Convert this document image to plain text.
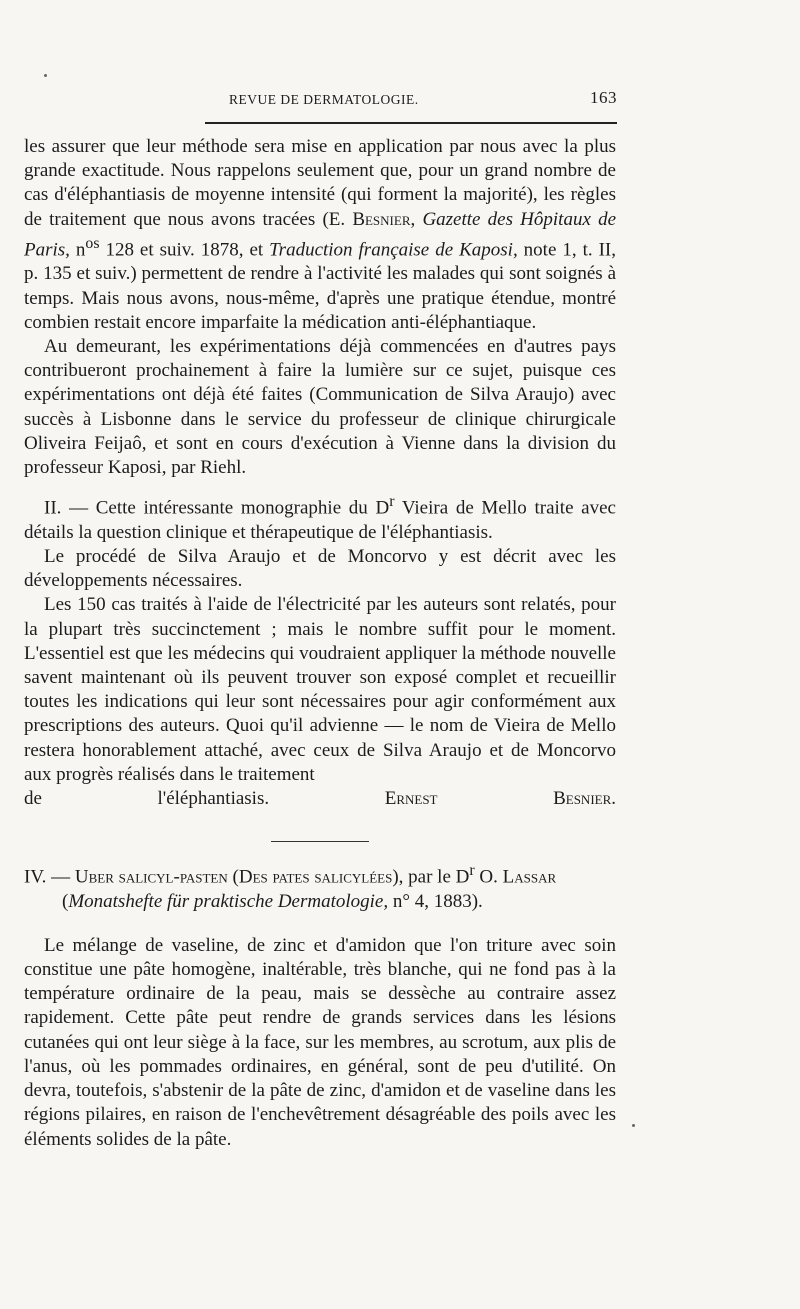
REVUE DE DERMATOLOGIE.	163

les assurer que leur méthode sera mise en application par nous avec la plus grande exactitude. Nous rappelons seulement que, pour un grand nombre de cas d'éléphantiasis de moyenne intensité (qui forment la majorité), les règles de traitement que nous avons tracées (E. Besnier, Gazette des Hôpitaux de Paris, $n^{os}$ 128 et suiv. 1878, et Traduction française de Kaposi, note 1, t. II, p. 135 et suiv.) permettent de rendre à l'activité les malades qui sont soignés à temps. Mais nous avons, nous-même, d'après une pratique étendue, montré combien restait encore imparfaite la médication anti-éléphantiaque.

Au demeurant, les expérimentations déjà commencées en d'autres pays contribueront prochainement à faire la lumière sur ce sujet, puisque ces expérimentations ont déjà été faites (Communication de Silva Araujo) avec succès à Lisbonne dans le service du professeur de clinique chirurgicale Oliveira Feijaô, et sont en cours d'exécution à Vienne dans la division du professeur Kaposi, par Riehl.

II. — Cette intéressante monographie du $D^r$ Vieira de Mello traite avec détails la question clinique et thérapeutique de l'éléphantiasis.

Le procédé de Silva Araujo et de Moncorvo y est décrit avec les développements nécessaires.

Les 150 cas traités à l'aide de l'électricité par les auteurs sont relatés, pour la plupart très succinctement ; mais le nombre suffit pour le moment. L'essentiel est que les médecins qui voudraient appliquer la méthode nouvelle savent maintenant où ils peuvent trouver son exposé complet et recueillir toutes les indications qui leur sont nécessaires pour agir conformément aux prescriptions des auteurs. Quoi qu'il advienne — le nom de Vieira de Mello restera honorablement attaché, avec ceux de Silva Araujo et de Moncorvo aux progrès réalisés dans le traitement

de l'éléphantiasis.	Ernest Besnier.

IV. — Uber salicyl-pasten (Des pates salicylées), par le $D^r$ O. Lassar

(Monatshefte für praktische Dermatologie, n° 4, 1883).

Le mélange de vaseline, de zinc et d'amidon que l'on triture avec soin constitue une pâte homogène, inaltérable, très blanche, qui ne fond pas à la température ordinaire de la peau, mais se dessèche au contraire assez rapidement. Cette pâte peut rendre de grands services dans les lésions cutanées qui ont leur siège à la face, sur les membres, au scrotum, aux plis de l'anus, où les pommades ordinaires, en général, sont de peu d'utilité. On devra, toutefois, s'abstenir de la pâte de zinc, d'amidon et de vaseline dans les régions pilaires, en raison de l'enchevêtrement désagréable des poils avec les éléments solides de la pâte.
